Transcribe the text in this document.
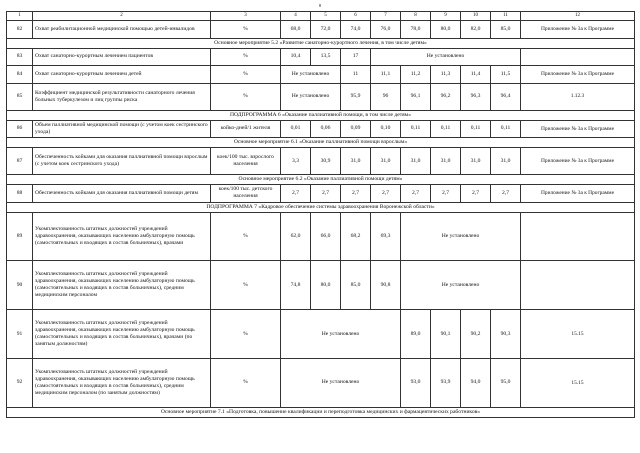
8
1	2	3	4	5	6	7	8	9	10	11	12
82	Охват реабилитационной медицинской помощью детей-инвалидов	%	68,0	72,0	74,0	76,0	78,0	80,0	82,0	85,0	Приложение № 3а к Программе
Основное мероприятие 5.2 «Развитие санаторно-курортного лечения, в том числе детям»											
83	Охват санаторно-курортным лечением пациентов	%	10,4	13,5	17	Не установлено					
84	Охват санаторно-курортным лечением детей	%	Не установлено		11	11,1	11,2	11,3	11,4	11,5	Приложение № 3а к Программе
85	Коэффициент медицинской результативности санаторного лечения больных туберкулезом и лиц группы риска	%	Не установлено		95,9	96	96,1	96,2	96,3	96,4	1.12.3
ПОДПРОГРАММА 6 «Оказание паллиативной помощи, в том числе детям»											
86	Объем паллиативной медицинской помощи (с учетом коек сестринского ухода)	койко-дней/1 жителя	0,01	0,06	0,09	0,10	0,11	0,11	0,11	0,11	Приложение № 3а к Программе
Основное мероприятие 6.1 «Оказание паллиативной помощи взрослым»											
87	Обеспеченность койками для оказания паллиативной помощи взрослым (с учетом коек сестринского ухода)	коек/100 тыс. взрослого населения	3,3	30,9	31,0	31,0	31,0	31,0	31,0	31,0	Приложение № 3а к Программе
Основное мероприятие 6.2 «Оказание паллиативной помощи детям»											
88	Обеспеченность койками для оказания паллиативной помощи детям	коек/100 тыс. детского населения	2,7	2,7	2,7	2,7	2,7	2,7	2,7	2,7	Приложение № 3а к Программе
ПОДПРОГРАММА 7 «Кадровое обеспечение системы здравоохранения Воронежской области»											
89	Укомплектованность штатных должностей учреждений здравоохранения, оказывающих населению амбулаторную помощь (самостоятельных и входящих в состав больничных), врачами	%	62,0	66,0	68,2	69,3	Не установлено				
90	Укомплектованность штатных должностей учреждений здравоохранения, оказывающих населению амбулаторную помощь (самостоятельных и входящих в состав больничных), средним медицинским персоналом	%	74,8	80,0	85,0	90,8	Не установлено				
91	Укомплектованность штатных должностей учреждений здравоохранения, оказывающих населению амбулаторную помощь (самостоятельных и входящих в состав больничных), врачами (по занятым должностям)	%	Не установлено				89,0	90,1	90,2	90,3	15.15
92	Укомплектованность штатных должностей учреждений здравоохранения, оказывающих населению амбулаторную помощь (самостоятельных и входящих в состав больничных), средним медицинским персоналом (по занятым должностям)	%	Не установлено				93,0	93,9	94,0	95,0	15.15
Основное мероприятие 7.1 «Подготовка, повышение квалификации и переподготовка медицинских и фармацевтических работников»											
